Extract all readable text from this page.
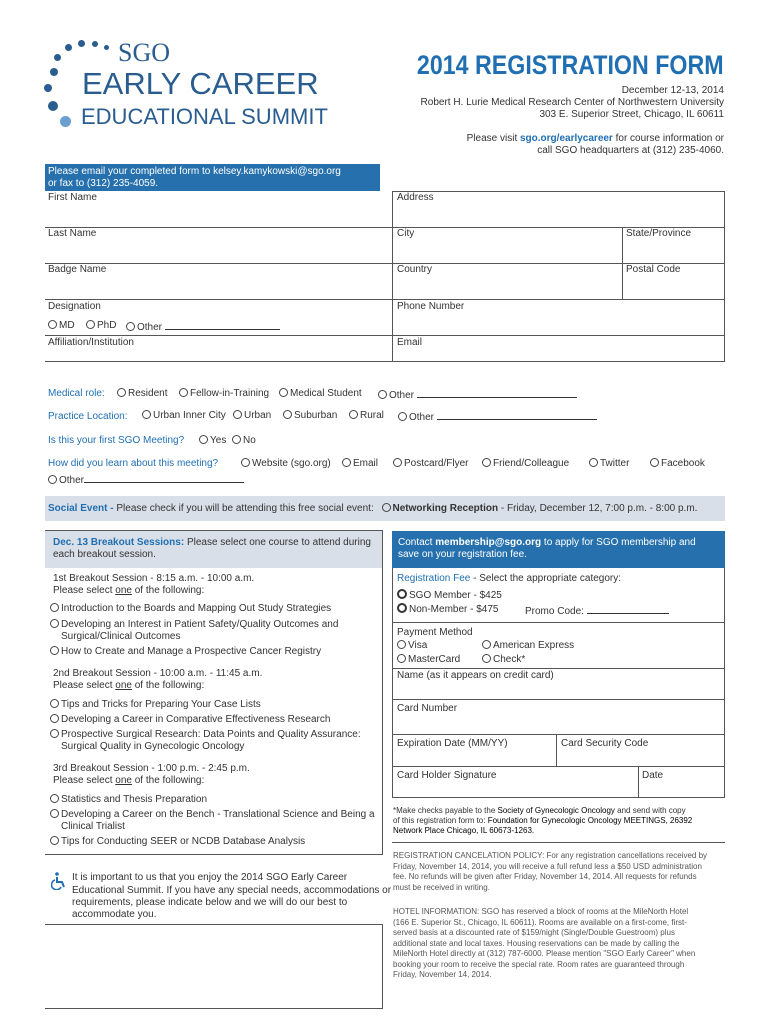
SGO
EARLY CAREER
EDUCATIONAL SUMMIT
2014 REGISTRATION FORM
December 12-13, 2014
Robert H. Lurie Medical Research Center of Northwestern University
303 E. Superior Street, Chicago, IL 60611
Please visit sgo.org/earlycareer for course information or
call SGO headquarters at (312) 235-4060.
Please email your completed form to kelsey.kamykowski@sgo.org
or fax to (312) 235-4059.
First Name	Address
Last Name	City	State/Province
Badge Name	Country	Postal Code
Designation	Phone Number
MD	PhD	Other
Affiliation/Institution	Email
Medical role:	Resident	Fellow-in-Training	Medical Student	Other
Practice Location:	Urban Inner City	Urban	Suburban	Rural	Other
Is this your first SGO Meeting?	Yes	No
How did you learn about this meeting?	Website (sgo.org)	Email	Postcard/Flyer	Friend/Colleague	Twitter	Facebook
Other
Social Event - Please check if you will be attending this free social event: Networking Reception - Friday, December 12, 7:00 p.m. - 8:00 p.m.
Dec. 13 Breakout Sessions: Please select one course to attend during
each breakout session.
1st Breakout Session - 8:15 a.m. - 10:00 a.m.
Please select one of the following:
Introduction to the Boards and Mapping Out Study Strategies
Developing an Interest in Patient Safety/Quality Outcomes and
Surgical/Clinical Outcomes
How to Create and Manage a Prospective Cancer Registry
2nd Breakout Session - 10:00 a.m. - 11:45 a.m.
Please select one of the following:
Tips and Tricks for Preparing Your Case Lists
Developing a Career in Comparative Effectiveness Research
Prospective Surgical Research: Data Points and Quality Assurance:
Surgical Quality in Gynecologic Oncology
3rd Breakout Session - 1:00 p.m. - 2:45 p.m.
Please select one of the following:
Statistics and Thesis Preparation
Developing a Career on the Bench - Translational Science and Being a
Clinical Trialist
Tips for Conducting SEER or NCDB Database Analysis
It is important to us that you enjoy the 2014 SGO Early Career
Educational Summit. If you have any special needs, accommodations or
requirements, please indicate below and we will do our best to
accommodate you.
Contact membership@sgo.org to apply for SGO membership and
save on your registration fee.
Registration Fee - Select the appropriate category:
SGO Member - $425
Non-Member - $475	Promo Code:
Payment Method
Visa	American Express
MasterCard	Check*
Name (as it appears on credit card)
Card Number
Expiration Date (MM/YY)	Card Security Code
Card Holder Signature	Date
*Make checks payable to the Society of Gynecologic Oncology and send with copy
of this registration form to: Foundation for Gynecologic Oncology MEETINGS, 26392
Network Place Chicago, IL 60673-1263.
REGISTRATION CANCELATION POLICY: For any registration cancellations received by
Friday, November 14, 2014, you will receive a full refund less a $50 USD administration
fee. No refunds will be given after Friday, November 14, 2014. All requests for refunds
must be received in writing.
HOTEL INFORMATION: SGO has reserved a block of rooms at the MileNorth Hotel
(166 E. Superior St., Chicago, IL 60611). Rooms are available on a first-come, first-
served basis at a discounted rate of $159/night (Single/Double Guestroom) plus
additional state and local taxes. Housing reservations can be made by calling the
MileNorth Hotel directly at (312) 787-6000. Please mention "SGO Early Career" when
booking your room to receive the special rate. Room rates are guaranteed through
Friday, November 14, 2014.
